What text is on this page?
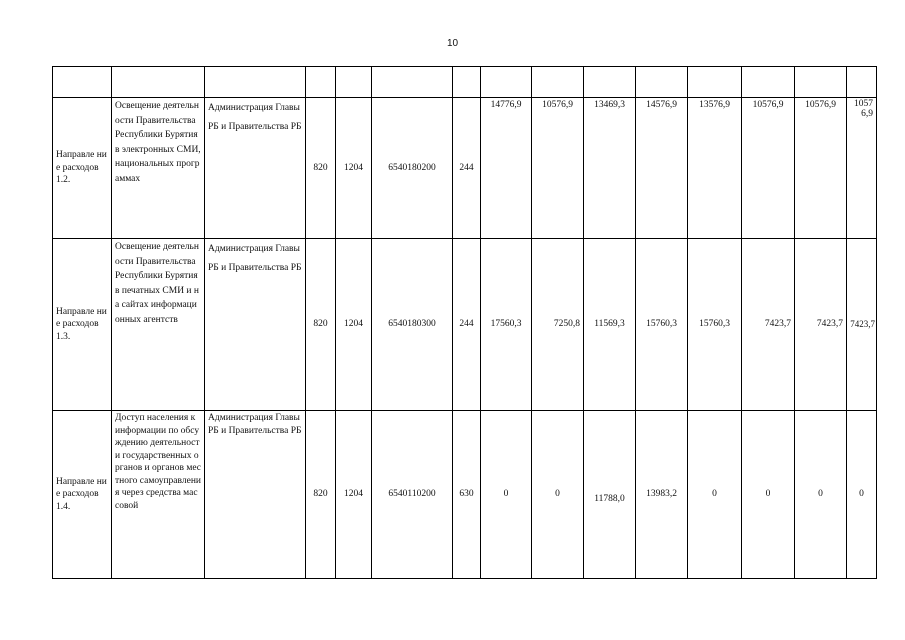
10

Направле ние расходов 1.2.	Освещение деятельности Правительства Республики Бурятия в электронных СМИ, национальных программах	Администрация Главы РБ и Правительства РБ	820	1204	6540180200	244	14776,9	10576,9	13469,3	14576,9	13576,9	10576,9	10576,9	10576,9
Направле ние расходов 1.3.	Освещение деятельности Правительства Республики Бурятия в печатных СМИ и на сайтах информационных агентств	Администрация Главы РБ и Правительства РБ	820	1204	6540180300	244	17560,3	7250,8	11569,3	15760,3	15760,3	7423,7	7423,7	7423,7
Направле ние расходов 1.4.	Доступ населения к информации по обсуждению деятельности государственных органов и органов местного самоуправления через средства массовой	Администрация Главы РБ и Правительства РБ	820	1204	6540110200	630	0	0	11788,0	13983,2	0	0	0	0
